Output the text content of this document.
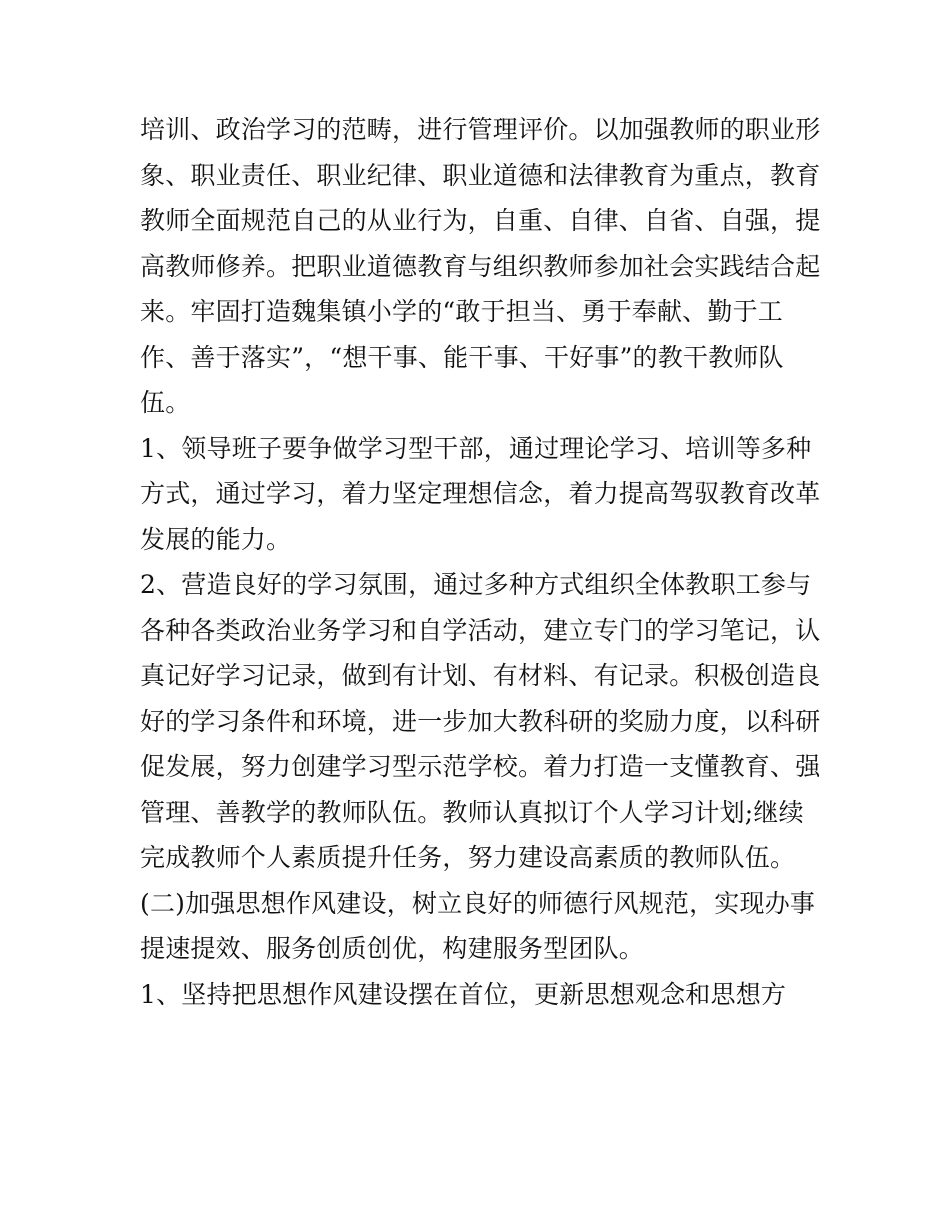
培训、政治学习的范畴，进行管理评价。以加强教师的职业形
象、职业责任、职业纪律、职业道德和法律教育为重点，教育
教师全面规范自己的从业行为，自重、自律、自省、自强，提
高教师修养。把职业道德教育与组织教师参加社会实践结合起
来。牢固打造魏集镇小学的“敢于担当、勇于奉献、勤于工
作、善于落实”，“想干事、能干事、干好事”的教干教师队
伍。
1、领导班子要争做学习型干部，通过理论学习、培训等多种
方式，通过学习，着力坚定理想信念，着力提高驾驭教育改革
发展的能力。
2、营造良好的学习氛围，通过多种方式组织全体教职工参与
各种各类政治业务学习和自学活动，建立专门的学习笔记，认
真记好学习记录，做到有计划、有材料、有记录。积极创造良
好的学习条件和环境，进一步加大教科研的奖励力度，以科研
促发展，努力创建学习型示范学校。着力打造一支懂教育、强
管理、善教学的教师队伍。教师认真拟订个人学习计划;继续
完成教师个人素质提升任务，努力建设高素质的教师队伍。
(二)加强思想作风建设，树立良好的师德行风规范，实现办事
提速提效、服务创质创优，构建服务型团队。
1、坚持把思想作风建设摆在首位，更新思想观念和思想方
